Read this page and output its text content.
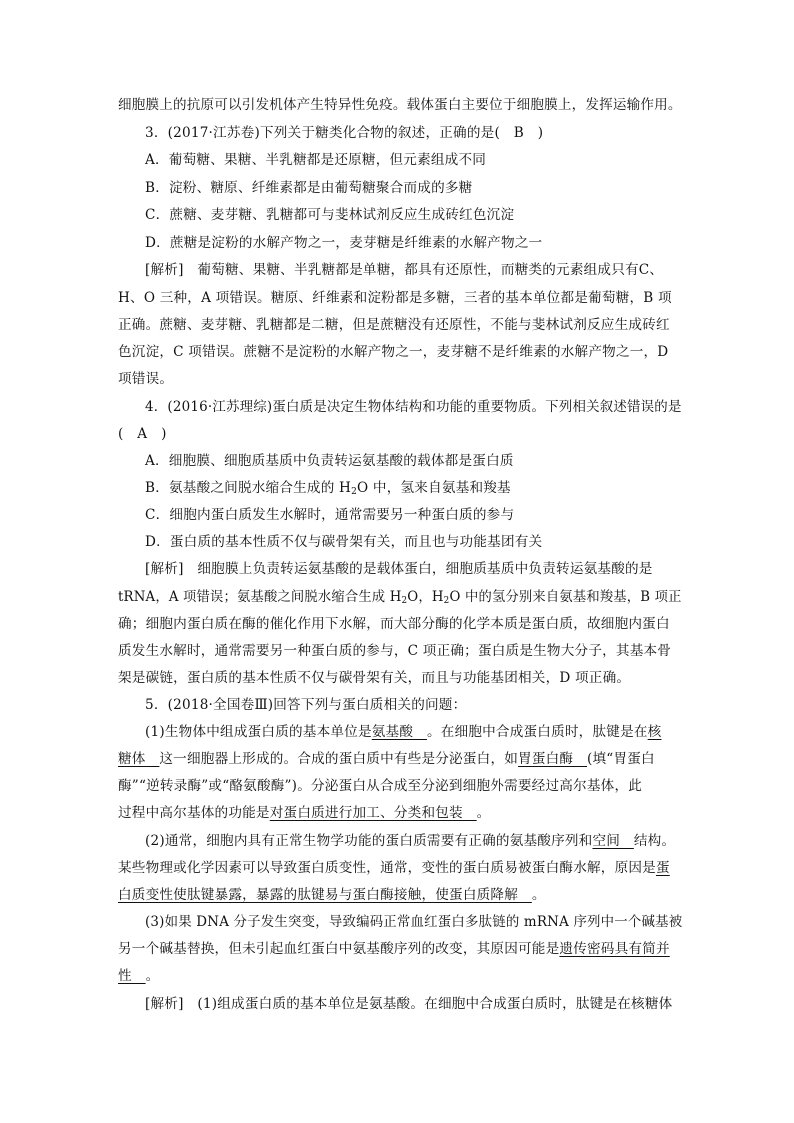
细胞膜上的抗原可以引发机体产生特异性免疫。载体蛋白主要位于细胞膜上，发挥运输作用。
3．(2017·江苏卷)下列关于糖类化合物的叙述，正确的是(　B　)
A．葡萄糖、果糖、半乳糖都是还原糖，但元素组成不同
B．淀粉、糖原、纤维素都是由葡萄糖聚合而成的多糖
C．蔗糖、麦芽糖、乳糖都可与斐林试剂反应生成砖红色沉淀
D．蔗糖是淀粉的水解产物之一，麦芽糖是纤维素的水解产物之一
[解析]　葡萄糖、果糖、半乳糖都是单糖，都具有还原性，而糖类的元素组成只有C、
H、O 三种，A 项错误。糖原、纤维素和淀粉都是多糖，三者的基本单位都是葡萄糖，B 项
正确。蔗糖、麦芽糖、乳糖都是二糖，但是蔗糖没有还原性，不能与斐林试剂反应生成砖红
色沉淀，C 项错误。蔗糖不是淀粉的水解产物之一，麦芽糖不是纤维素的水解产物之一，D
项错误。
4．(2016·江苏理综)蛋白质是决定生物体结构和功能的重要物质。下列相关叙述错误的是
(　A　)
A．细胞膜、细胞质基质中负责转运氨基酸的载体都是蛋白质
B．氨基酸之间脱水缩合生成的 $H_2O$ 中，氢来自氨基和羧基
C．细胞内蛋白质发生水解时，通常需要另一种蛋白质的参与
D．蛋白质的基本性质不仅与碳骨架有关，而且也与功能基团有关
[解析]　细胞膜上负责转运氨基酸的是载体蛋白，细胞质基质中负责转运氨基酸的是
tRNA，A 项错误；氨基酸之间脱水缩合生成 $H_2O$，$H_2O$ 中的氢分别来自氨基和羧基，B 项正
确；细胞内蛋白质在酶的催化作用下水解，而大部分酶的化学本质是蛋白质，故细胞内蛋白
质发生水解时，通常需要另一种蛋白质的参与，C 项正确；蛋白质是生物大分子，其基本骨
架是碳链，蛋白质的基本性质不仅与碳骨架有关，而且与功能基团相关，D 项正确。
5．(2018·全国卷Ⅲ)回答下列与蛋白质相关的问题：
(1)生物体中组成蛋白质的基本单位是氨基酸　。在细胞中合成蛋白质时，肽键是在核
糖体　这一细胞器上形成的。合成的蛋白质中有些是分泌蛋白，如胃蛋白酶　(填“胃蛋白
酶”“逆转录酶”或“酪氨酸酶”)。分泌蛋白从合成至分泌到细胞外需要经过高尔基体，此
过程中高尔基体的功能是对蛋白质进行加工、分类和包装　。
(2)通常，细胞内具有正常生物学功能的蛋白质需要有正确的氨基酸序列和空间　结构。
某些物理或化学因素可以导致蛋白质变性，通常，变性的蛋白质易被蛋白酶水解，原因是蛋
白质变性使肽键暴露，暴露的肽键易与蛋白酶接触，使蛋白质降解　。
(3)如果 DNA 分子发生突变，导致编码正常血红蛋白多肽链的 mRNA 序列中一个碱基被
另一个碱基替换，但未引起血红蛋白中氨基酸序列的改变，其原因可能是遗传密码具有简并
性　。
[解析]　(1)组成蛋白质的基本单位是氨基酸。在细胞中合成蛋白质时，肽键是在核糖体
